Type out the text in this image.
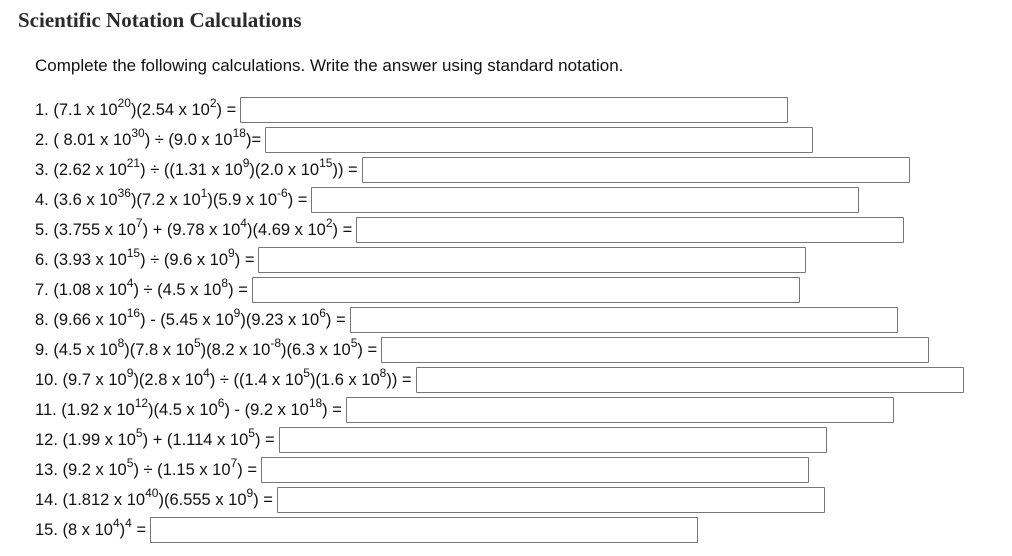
Scientific Notation Calculations
Complete the following calculations. Write the answer using standard notation.
1. (7.1 x $10^{20})(2.54$ x $10^2$) =
2. ( 8.01 x $10^{30}) \div (9.0$ x $10^{18})=$
3. (2.62 x $10^{21}) \div ((1.31$ x $10^9)(2.0$ x $10^{15}$)) =
4. (3.6 x $10^{36})(7.2$ x $10^1)(5.9$ x $10^{-6}$) =
5. (3.755 x $10^7) + (9.78$ x $10^4)(4.69$ x $10^2$) =
6. (3.93 x $10^{15}) \div (9.6$ x $10^9$) =
7. (1.08 x $10^4) \div (4.5$ x $10^8$) =
8. (9.66 x $10^{16}) - (5.45$ x $10^9)(9.23$ x $10^6$) =
9. (4.5 x $10^8)(7.8$ x $10^5)(8.2$ x $10^{-8})(6.3$ x $10^5$) =
10. (9.7 x $10^9)(2.8$ x $10^4) \div ((1.4$ x $10^5)(1.6$ x $10^8$)) =
11. (1.92 x $10^{12})(4.5$ x $10^6) - (9.2$ x $10^{18}$) =
12. (1.99 x $10^5) + (1.114$ x $10^5$) =
13. (9.2 x $10^5) \div (1.15$ x $10^7$) =
14. (1.812 x $10^{40})(6.555$ x $10^9$) =
15. (8 x $10^4)^4$ =
